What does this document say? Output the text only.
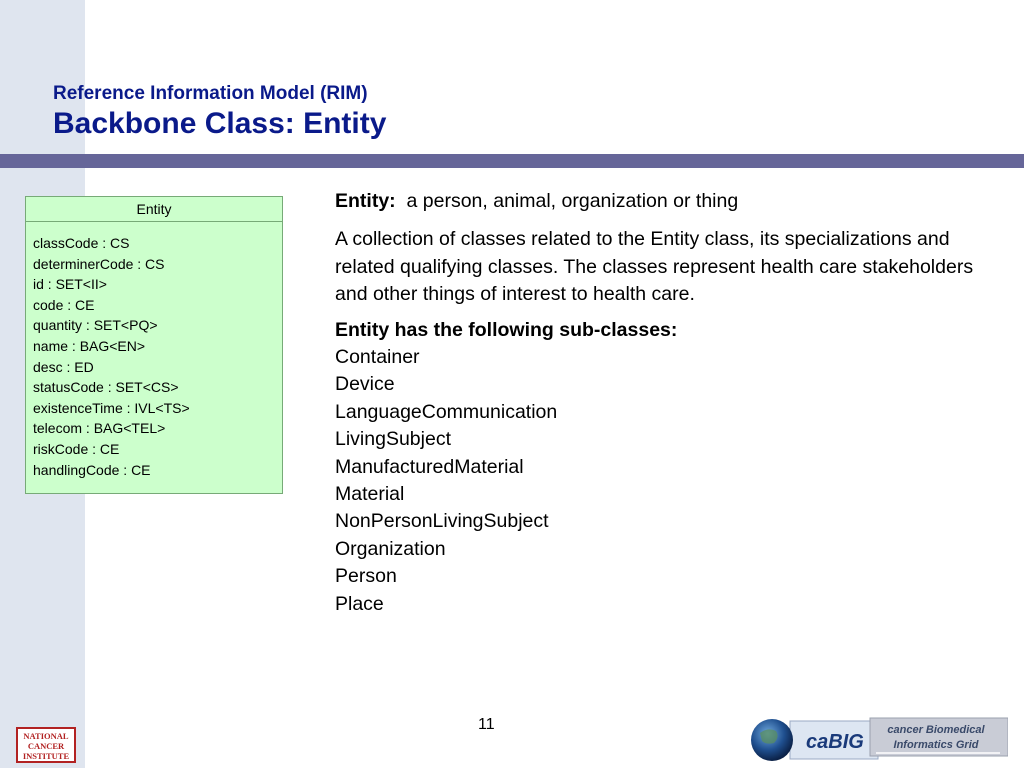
Reference Information Model (RIM)
Backbone Class: Entity
Entity
classCode : CS
determinerCode : CS
id : SET<II>
code : CE
quantity : SET<PQ>
name : BAG<EN>
desc : ED
statusCode : SET<CS>
existenceTime : IVL<TS>
telecom : BAG<TEL>
riskCode : CE
handlingCode : CE
Entity:  a person, animal, organization or thing
A collection of classes related to the Entity class, its specializations and related qualifying classes. The classes represent health care stakeholders and other things of interest to health care.
Entity has the following sub-classes:
Container
Device
LanguageCommunication
LivingSubject
ManufacturedMaterial
Material
NonPersonLivingSubject
Organization
Person
Place
11
NATIONAL
CANCER
INSTITUTE
caBIG
cancer Biomedical
Informatics Grid
